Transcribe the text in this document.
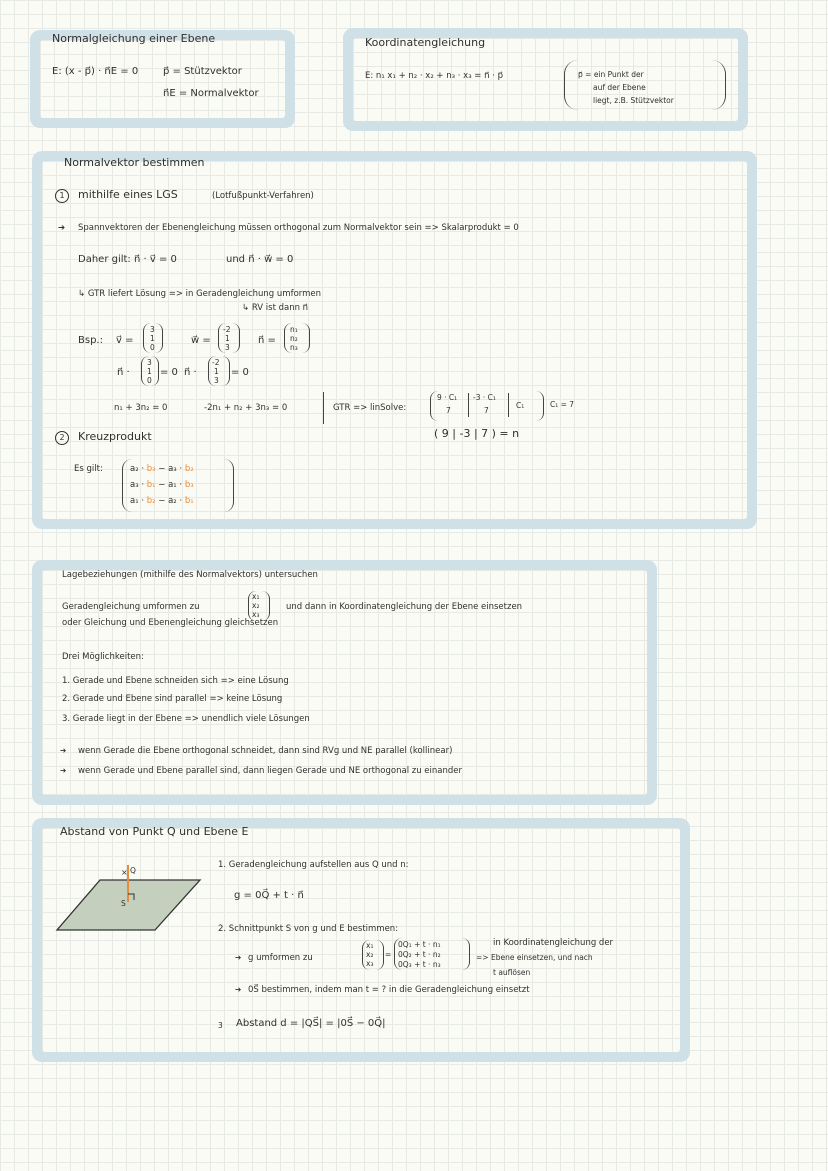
Normalgleichung einer Ebene
E: (x - p⃗) · n⃗E = 0 p⃗ = Stützvektor
n⃗E = Normalvektor
Koordinatengleichung
E: n₁ x₁ + n₂ · x₂ + n₃ · x₃ = n⃗ · p⃗	p⃗ = ein Punkt der
auf der Ebene
liegt, z.B. Stützvektor
Normalvektor bestimmen
1	mithilfe eines LGS	(Lotfußpunkt-Verfahren)
➔ Spannvektoren der Ebenengleichung müssen orthogonal zum Normalvektor sein => Skalarprodukt = 0
Daher gilt: n⃗ · v⃗ = 0	und n⃗ · w⃗ = 0
↳ GTR liefert Lösung => in Geradengleichung umformen
↳ RV ist dann n⃗
Bsp.: v⃗ =
3
1
0
w⃗ =
-2
1
3
n⃗ =
n₁
n₂
n₃
n⃗ ·
3
1
0
= 0 n⃗ ·
-2
1
3
= 0
n₁ + 3n₂ = 0	-2n₁ + n₂ + 3n₃ = 0	GTR => linSolve:
9 · C₁
7
-3 · C₁
7
C₁	C₁ = 7
( 9 | -3 | 7 ) = n
2	Kreuzprodukt
Es gilt:	a₂ · b₃ − a₃ · b₂
a₃ · b₁ − a₁ · b₃
a₁ · b₂ − a₂ · b₁
Lagebeziehungen (mithilfe des Normalvektors) untersuchen
Geradengleichung umformen zu
x₁
x₂
x₃
und dann in Koordinatengleichung der Ebene einsetzen
oder Gleichung und Ebenengleichung gleichsetzen
Drei Möglichkeiten:
1. Gerade und Ebene schneiden sich => eine Lösung
2. Gerade und Ebene sind parallel => keine Lösung
3. Gerade liegt in der Ebene => unendlich viele Lösungen
➔ wenn Gerade die Ebene orthogonal schneidet, dann sind RVg und NE parallel (kollinear)
➔ wenn Gerade und Ebene parallel sind, dann liegen Gerade und NE orthogonal zu einander
Abstand von Punkt Q und Ebene E
× Q
S
1. Geradengleichung aufstellen aus Q und n:
g = 0Q⃗ + t · n⃗
2. Schnittpunkt S von g und E bestimmen:
➔ g umformen zu
x₁
x₂
x₃
=
0Q₁ + t · n₁
0Q₂ + t · n₂
0Q₃ + t · n₃
in Koordinatengleichung der
=> Ebene einsetzen, und nach
t auflösen
➔ 0S⃗ bestimmen, indem man t = ? in die Geradengleichung einsetzt
3 Abstand d = |QS⃗| = |0S⃗ − 0Q⃗|
